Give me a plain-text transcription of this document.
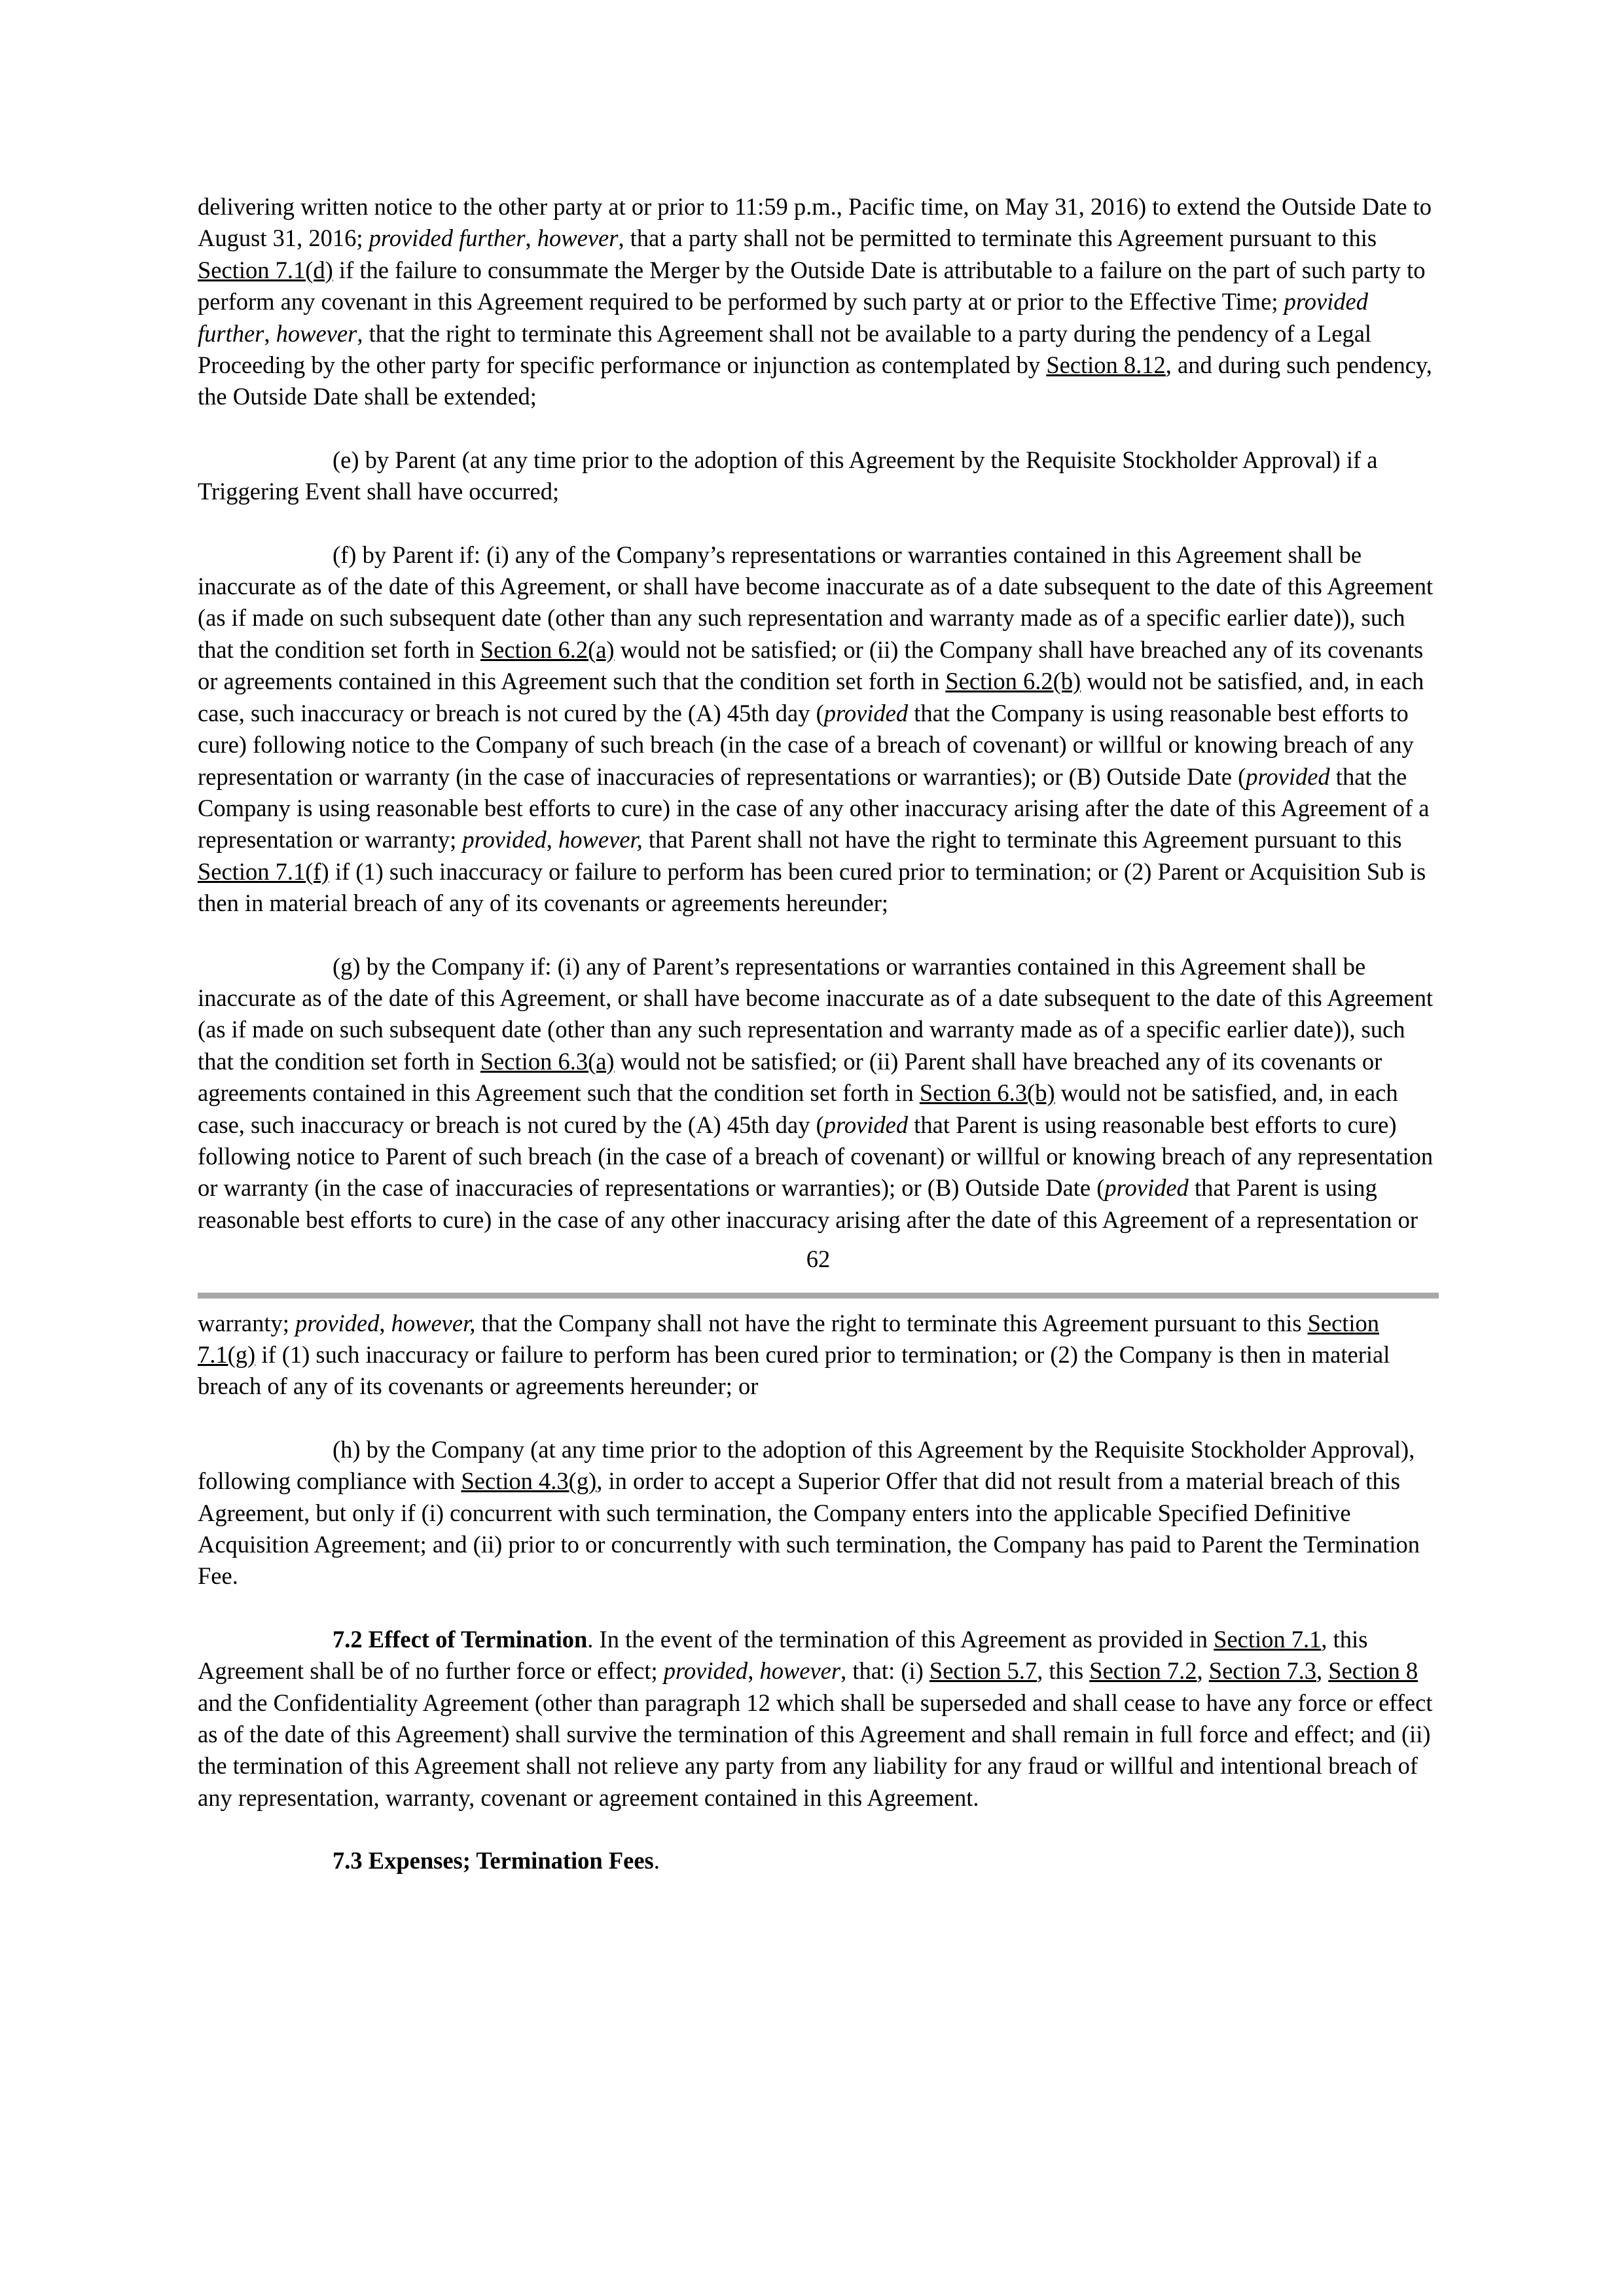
delivering written notice to the other party at or prior to 11:59 p.m., Pacific time, on May 31, 2016) to extend the Outside Date to August 31, 2016; provided further, however, that a party shall not be permitted to terminate this Agreement pursuant to this Section 7.1(d) if the failure to consummate the Merger by the Outside Date is attributable to a failure on the part of such party to perform any covenant in this Agreement required to be performed by such party at or prior to the Effective Time; provided further, however, that the right to terminate this Agreement shall not be available to a party during the pendency of a Legal Proceeding by the other party for specific performance or injunction as contemplated by Section 8.12, and during such pendency, the Outside Date shall be extended;

(e) by Parent (at any time prior to the adoption of this Agreement by the Requisite Stockholder Approval) if a Triggering Event shall have occurred;

(f) by Parent if: (i) any of the Company’s representations or warranties contained in this Agreement shall be inaccurate as of the date of this Agreement, or shall have become inaccurate as of a date subsequent to the date of this Agreement (as if made on such subsequent date (other than any such representation and warranty made as of a specific earlier date)), such that the condition set forth in Section 6.2(a) would not be satisfied; or (ii) the Company shall have breached any of its covenants or agreements contained in this Agreement such that the condition set forth in Section 6.2(b) would not be satisfied, and, in each case, such inaccuracy or breach is not cured by the (A) 45th day (provided that the Company is using reasonable best efforts to cure) following notice to the Company of such breach (in the case of a breach of covenant) or willful or knowing breach of any representation or warranty (in the case of inaccuracies of representations or warranties); or (B) Outside Date (provided that the Company is using reasonable best efforts to cure) in the case of any other inaccuracy arising after the date of this Agreement of a representation or warranty; provided, however, that Parent shall not have the right to terminate this Agreement pursuant to this Section 7.1(f) if (1) such inaccuracy or failure to perform has been cured prior to termination; or (2) Parent or Acquisition Sub is then in material breach of any of its covenants or agreements hereunder;

(g) by the Company if: (i) any of Parent’s representations or warranties contained in this Agreement shall be inaccurate as of the date of this Agreement, or shall have become inaccurate as of a date subsequent to the date of this Agreement (as if made on such subsequent date (other than any such representation and warranty made as of a specific earlier date)), such that the condition set forth in Section 6.3(a) would not be satisfied; or (ii) Parent shall have breached any of its covenants or agreements contained in this Agreement such that the condition set forth in Section 6.3(b) would not be satisfied, and, in each case, such inaccuracy or breach is not cured by the (A) 45th day (provided that Parent is using reasonable best efforts to cure) following notice to Parent of such breach (in the case of a breach of covenant) or willful or knowing breach of any representation or warranty (in the case of inaccuracies of representations or warranties); or (B) Outside Date (provided that Parent is using reasonable best efforts to cure) in the case of any other inaccuracy arising after the date of this Agreement of a representation or

62

warranty; provided, however, that the Company shall not have the right to terminate this Agreement pursuant to this Section 7.1(g) if (1) such inaccuracy or failure to perform has been cured prior to termination; or (2) the Company is then in material breach of any of its covenants or agreements hereunder; or

(h) by the Company (at any time prior to the adoption of this Agreement by the Requisite Stockholder Approval), following compliance with Section 4.3(g), in order to accept a Superior Offer that did not result from a material breach of this Agreement, but only if (i) concurrent with such termination, the Company enters into the applicable Specified Definitive Acquisition Agreement; and (ii) prior to or concurrently with such termination, the Company has paid to Parent the Termination Fee.

7.2 Effect of Termination. In the event of the termination of this Agreement as provided in Section 7.1, this Agreement shall be of no further force or effect; provided, however, that: (i) Section 5.7, this Section 7.2, Section 7.3, Section 8 and the Confidentiality Agreement (other than paragraph 12 which shall be superseded and shall cease to have any force or effect as of the date of this Agreement) shall survive the termination of this Agreement and shall remain in full force and effect; and (ii) the termination of this Agreement shall not relieve any party from any liability for any fraud or willful and intentional breach of any representation, warranty, covenant or agreement contained in this Agreement.

7.3 Expenses; Termination Fees.
